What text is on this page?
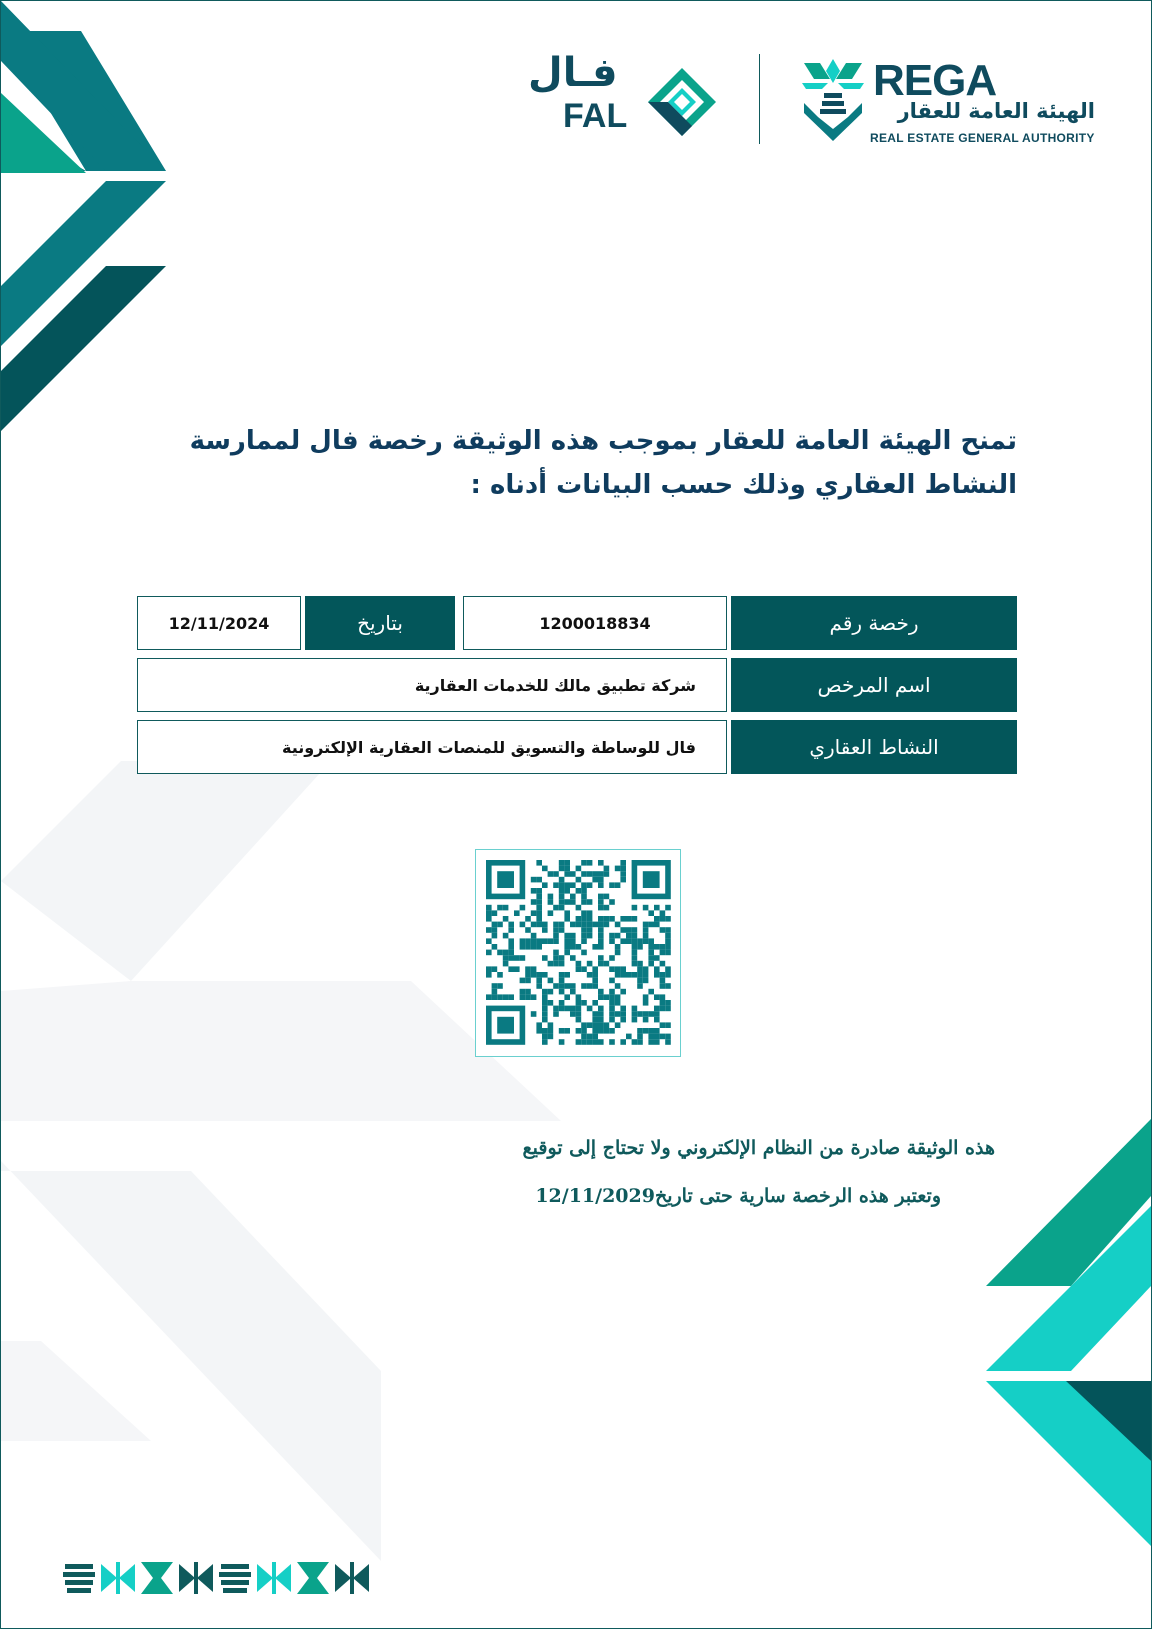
REGA
الهيئة العامة للعقار
REAL ESTATE GENERAL AUTHORITY
فـال
FAL
تمنح الهيئة العامة للعقار بموجب هذه الوثيقة رخصة فال لممارسة
النشاط العقاري وذلك حسب البيانات أدناه :
رخصة رقم
1200018834
بتاريخ
12/11/2024
اسم المرخص
شركة تطبيق مالك للخدمات العقارية
النشاط العقاري
فال للوساطة والتسويق للمنصات العقارية الإلكترونية
هذه الوثيقة صادرة من النظام الإلكتروني ولا تحتاج إلى توقيع
وتعتبر هذه الرخصة سارية حتى تاريخ12/11/2029
